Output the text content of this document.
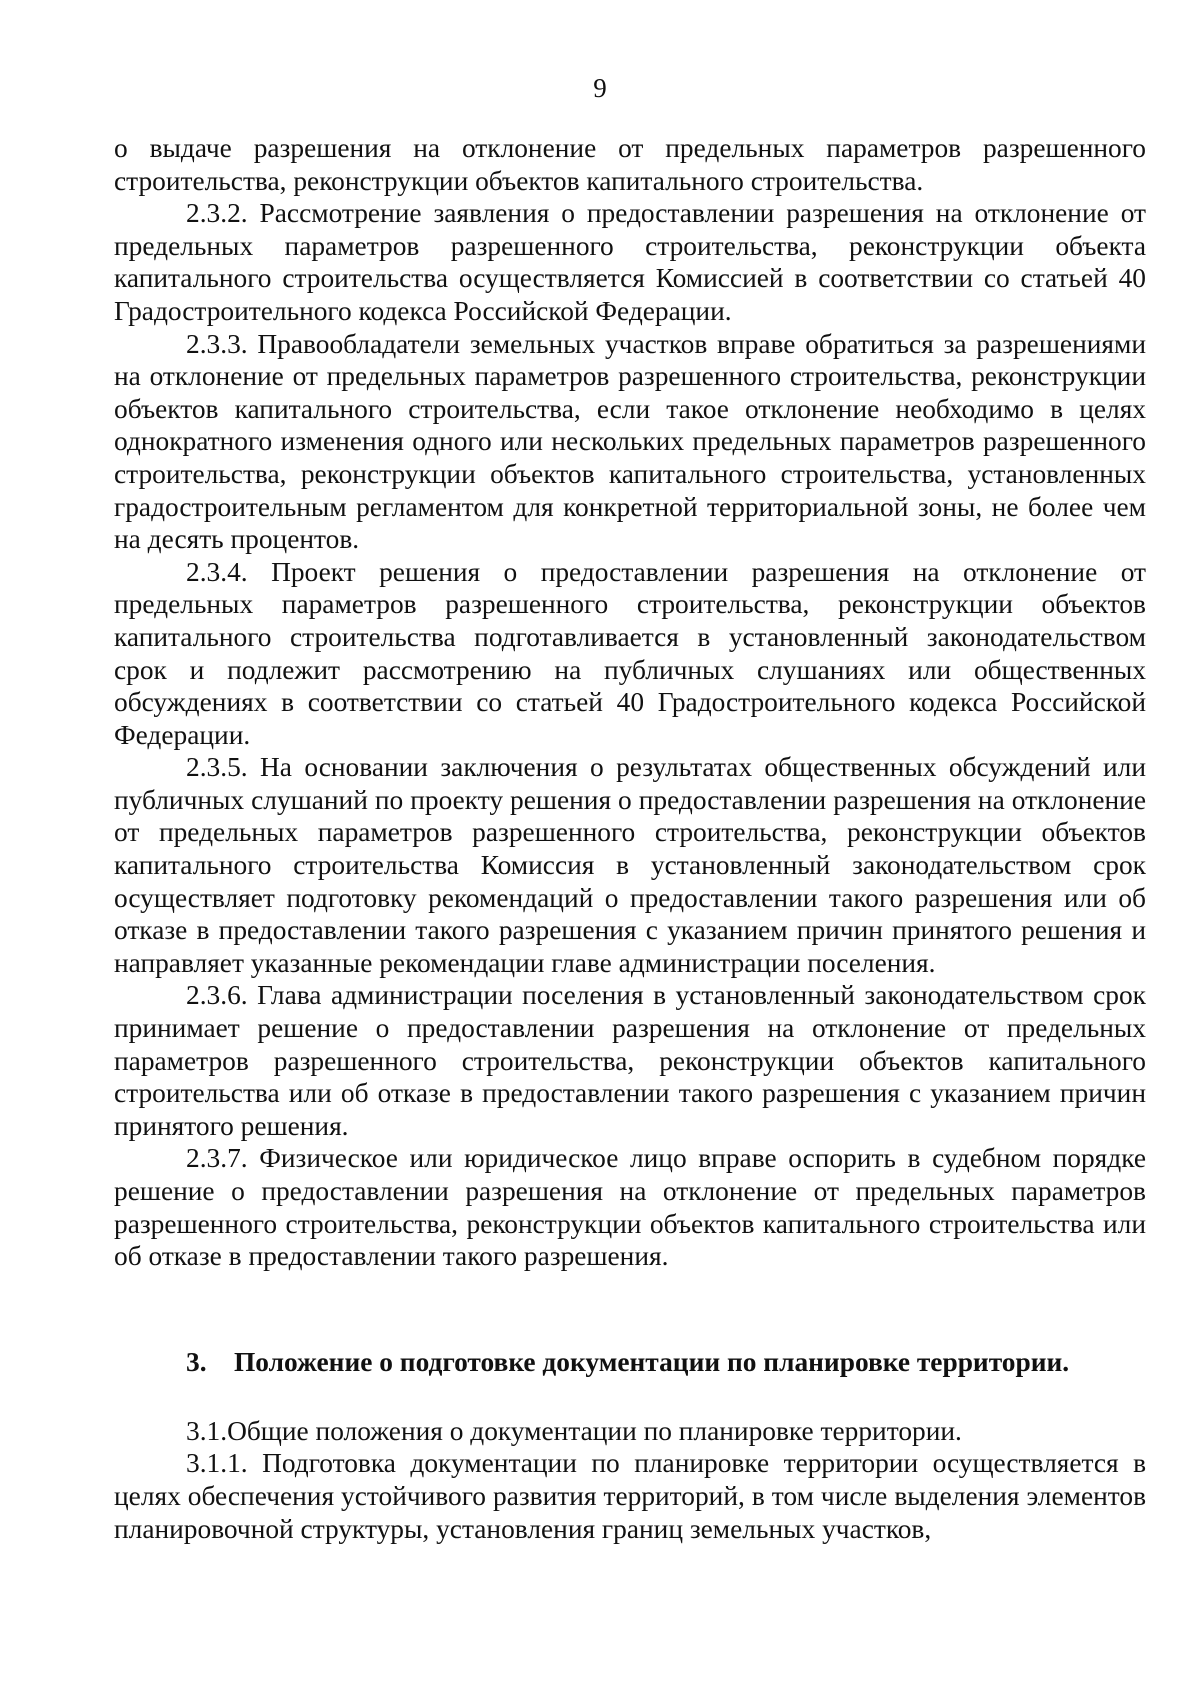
9

о выдаче разрешения на отклонение от предельных параметров разрешенного строительства, реконструкции объектов капитального строительства.

2.3.2. Рассмотрение заявления о предоставлении разрешения на отклонение от предельных параметров разрешенного строительства, реконструкции объекта капитального строительства осуществляется Комиссией в соответствии со статьей 40 Градостроительного кодекса Российской Федерации.

2.3.3. Правообладатели земельных участков вправе обратиться за разрешениями на отклонение от предельных параметров разрешенного строительства, реконструкции объектов капитального строительства, если такое отклонение необходимо в целях однократного изменения одного или нескольких предельных параметров разрешенного строительства, реконструкции объектов капитального строительства, установленных градостроительным регламентом для конкретной территориальной зоны, не более чем на десять процентов.

2.3.4. Проект решения о предоставлении разрешения на отклонение от предельных параметров разрешенного строительства, реконструкции объектов капитального строительства подготавливается в установленный законодательством срок и подлежит рассмотрению на публичных слушаниях или общественных обсуждениях в соответствии со статьей 40 Градостроительного кодекса Российской Федерации.

2.3.5. На основании заключения о результатах общественных обсуждений или публичных слушаний по проекту решения о предоставлении разрешения на отклонение от предельных параметров разрешенного строительства, реконструкции объектов капитального строительства Комиссия в установленный законодательством срок осуществляет подготовку рекомендаций о предоставлении такого разрешения или об отказе в предоставлении такого разрешения с указанием причин принятого решения и направляет указанные рекомендации главе администрации поселения.

2.3.6. Глава администрации поселения в установленный законодательством срок принимает решение о предоставлении разрешения на отклонение от предельных параметров разрешенного строительства, реконструкции объектов капитального строительства или об отказе в предоставлении такого разрешения с указанием причин принятого решения.

2.3.7. Физическое или юридическое лицо вправе оспорить в судебном порядке решение о предоставлении разрешения на отклонение от предельных параметров разрешенного строительства, реконструкции объектов капитального строительства или об отказе в предоставлении такого разрешения.

3. Положение о подготовке документации по планировке территории.

3.1.Общие положения о документации по планировке территории.

3.1.1. Подготовка документации по планировке территории осуществляется в целях обеспечения устойчивого развития территорий, в том числе выделения элементов планировочной структуры, установления границ земельных участков,
